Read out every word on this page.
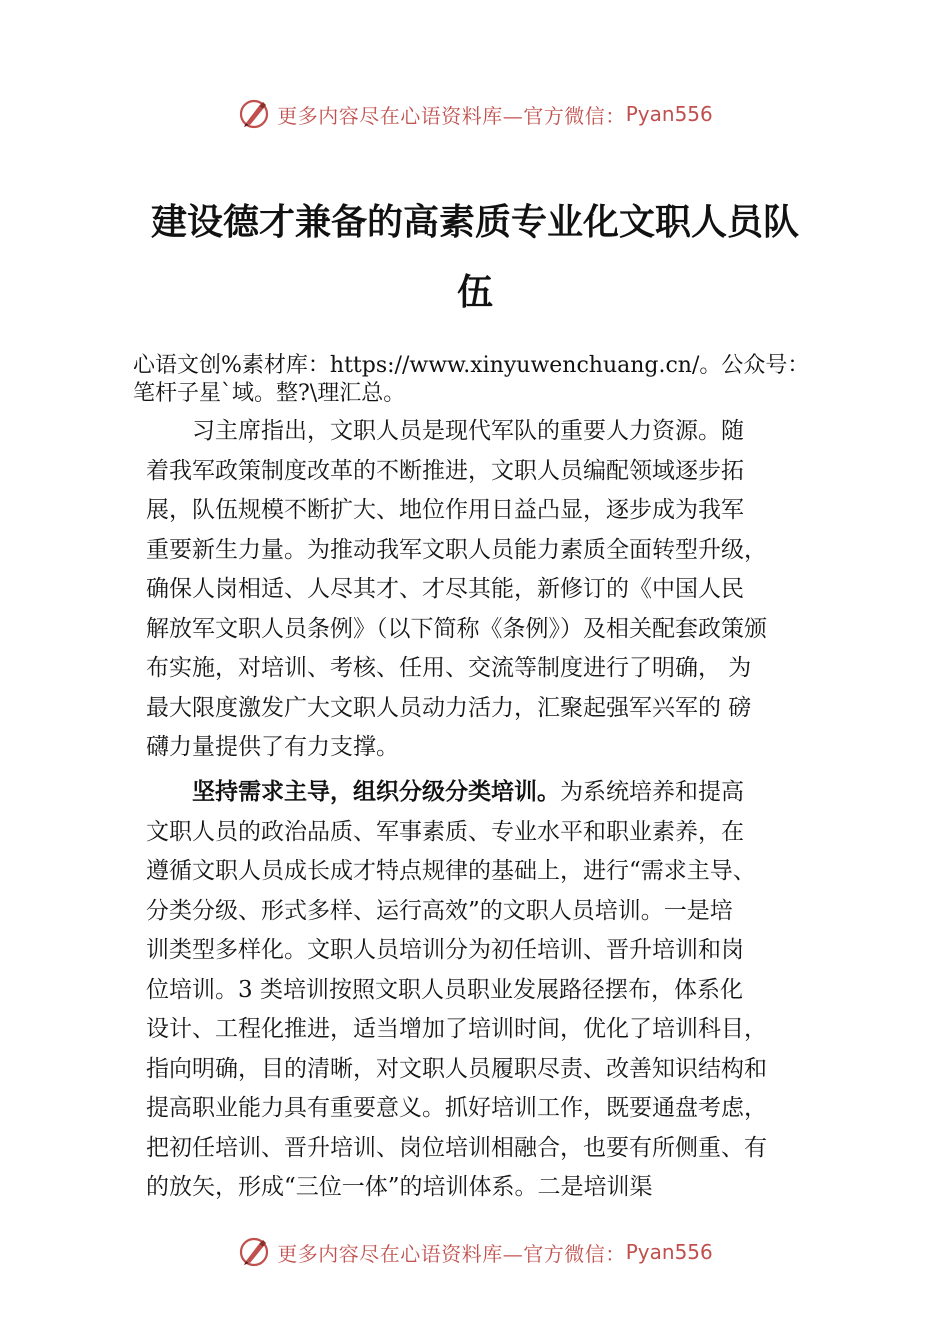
更多内容尽在心语资料库—官方微信： Pyan556
建设德才兼备的高素质专业化文职人员队
伍
心语文创%素材库：https://www.xinyuwenchuang.cn/。公众号：
笔杆子星`域。整?\理汇总。
习主席指出，文职人员是现代军队的重要人力资源。随
着我军政策制度改革的不断推进，文职人员编配领域逐步拓
展，队伍规模不断扩大、地位作用日益凸显，逐步成为我军
重要新生力量。为推动我军文职人员能力素质全面转型升级，
确保人岗相适、人尽其才、才尽其能，新修订的《中国人民
解放军文职人员条例》（以下简称《条例》）及相关配套政策颁
布实施，对培训、考核、任用、交流等制度进行了明确， 为
最大限度激发广大文职人员动力活力，汇聚起强军兴军的 磅
礴力量提供了有力支撑。
坚持需求主导，组织分级分类培训。为系统培养和提高
文职人员的政治品质、军事素质、专业水平和职业素养，在
遵循文职人员成长成才特点规律的基础上，进行“需求主导、
分类分级、形式多样、运行高效”的文职人员培训。一是培
训类型多样化。文职人员培训分为初任培训、晋升培训和岗
位培训。3 类培训按照文职人员职业发展路径摆布，体系化
设计、工程化推进，适当增加了培训时间，优化了培训科目，
指向明确，目的清晰，对文职人员履职尽责、改善知识结构和
提高职业能力具有重要意义。抓好培训工作，既要通盘考虑，
把初任培训、晋升培训、岗位培训相融合，也要有所侧重、有
的放矢，形成“三位一体”的培训体系。二是培训渠
更多内容尽在心语资料库—官方微信： Pyan556
